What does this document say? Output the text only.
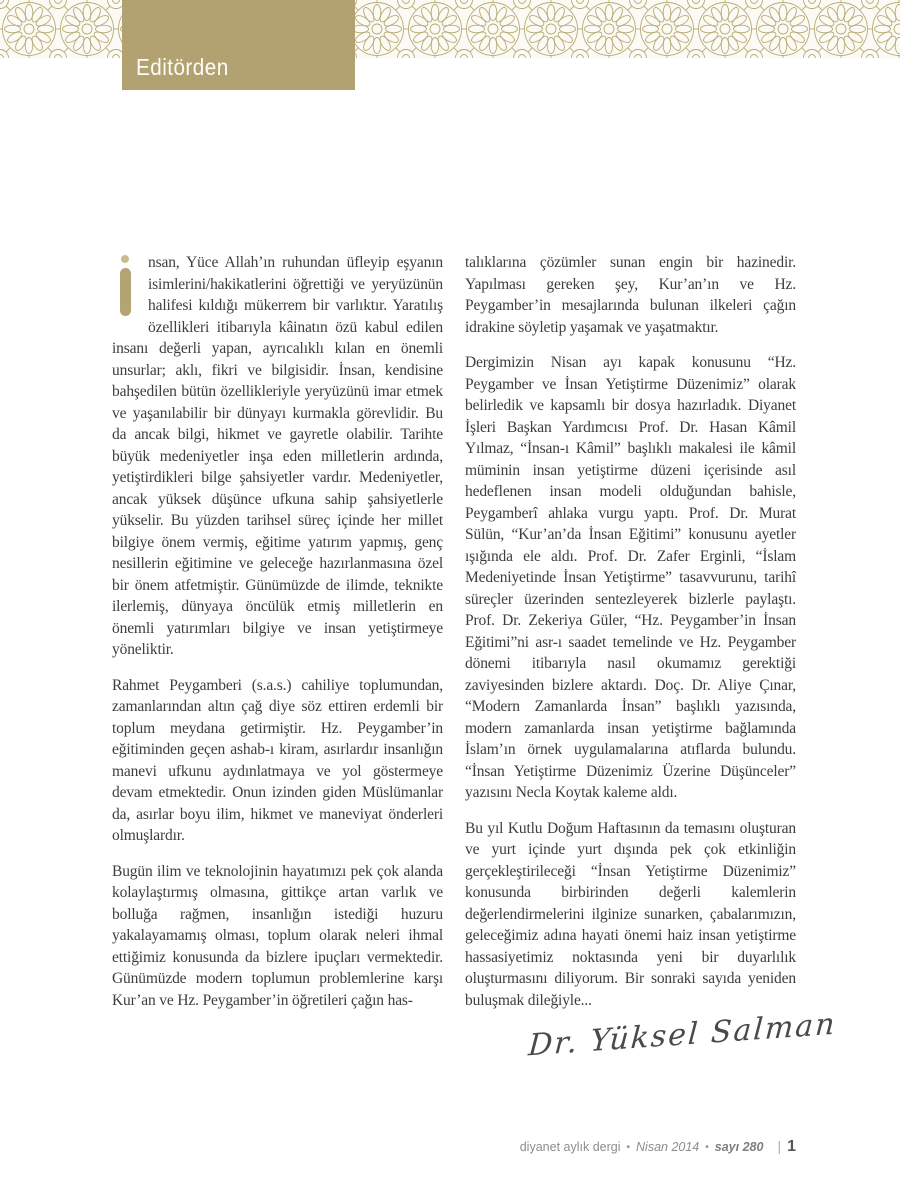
Editörden

nsan, Yüce Allah’ın ruhundan üfleyip eşyanın isimlerini/hakikatlerini öğrettiği ve yeryüzünün halifesi kıldığı mükerrem bir varlıktır. Yaratılış özellikleri itibarıyla kâinatın özü kabul edilen insanı değerli yapan, ayrıcalıklı kılan en önemli unsurlar; aklı, fikri ve bilgisidir. İnsan, kendisine bahşedilen bütün özellikleriyle yeryüzünü imar etmek ve yaşanılabilir bir dünyayı kurmakla görevlidir. Bu da ancak bilgi, hikmet ve gayretle olabilir. Tarihte büyük medeniyetler inşa eden milletlerin ardında, yetiştirdikleri bilge şahsiyetler vardır. Medeniyetler, ancak yüksek düşünce ufkuna sahip şahsiyetlerle yükselir. Bu yüzden tarihsel süreç içinde her millet bilgiye önem vermiş, eğitime yatırım yapmış, genç nesillerin eğitimine ve geleceğe hazırlanmasına özel bir önem atfetmiştir. Günümüzde de ilimde, teknikte ilerlemiş, dünyaya öncülük etmiş milletlerin en önemli yatırımları bilgiye ve insan yetiştirmeye yöneliktir.

Rahmet Peygamberi (s.a.s.) cahiliye toplumundan, zamanlarından altın çağ diye söz ettiren erdemli bir toplum meydana getirmiştir. Hz. Peygamber’in eğitiminden geçen ashab-ı kiram, asırlardır insanlığın manevi ufkunu aydınlatmaya ve yol göstermeye devam etmektedir. Onun izinden giden Müslümanlar da, asırlar boyu ilim, hikmet ve maneviyat önderleri olmuşlardır.

Bugün ilim ve teknolojinin hayatımızı pek çok alanda kolaylaştırmış olmasına, gittikçe artan varlık ve bolluğa rağmen, insanlığın istediği huzuru yakalayamamış olması, toplum olarak neleri ihmal ettiğimiz konusunda da bizlere ipuçları vermektedir. Günümüzde modern toplumun problemlerine karşı Kur’an ve Hz. Peygamber’in öğretileri çağın has-

talıklarına çözümler sunan engin bir hazinedir. Yapılması gereken şey, Kur’an’ın ve Hz. Peygamber’in mesajlarında bulunan ilkeleri çağın idrakine söyletip yaşamak ve yaşatmaktır.

Dergimizin Nisan ayı kapak konusunu “Hz. Peygamber ve İnsan Yetiştirme Düzenimiz” olarak belirledik ve kapsamlı bir dosya hazırladık. Diyanet İşleri Başkan Yardımcısı Prof. Dr. Hasan Kâmil Yılmaz, “İnsan-ı Kâmil” başlıklı makalesi ile kâmil müminin insan yetiştirme düzeni içerisinde asıl hedeflenen insan modeli olduğundan bahisle, Peygamberî ahlaka vurgu yaptı. Prof. Dr. Murat Sülün, “Kur’an’da İnsan Eğitimi” konusunu ayetler ışığında ele aldı. Prof. Dr. Zafer Erginli, “İslam Medeniyetinde İnsan Yetiştirme” tasavvurunu, tarihî süreçler üzerinden sentezleyerek bizlerle paylaştı. Prof. Dr. Zekeriya Güler, “Hz. Peygamber’in İnsan Eğitimi”ni asr-ı saadet temelinde ve Hz. Peygamber dönemi itibarıyla nasıl okumamız gerektiği zaviyesinden bizlere aktardı. Doç. Dr. Aliye Çınar, “Modern Zamanlarda İnsan” başlıklı yazısında, modern zamanlarda insan yetiştirme bağlamında İslam’ın örnek uygulamalarına atıflarda bulundu. “İnsan Yetiştirme Düzenimiz Üzerine Düşünceler” yazısını Necla Koytak kaleme aldı.

Bu yıl Kutlu Doğum Haftasının da temasını oluşturan ve yurt içinde yurt dışında pek çok etkinliğin gerçekleştirileceği “İnsan Yetiştirme Düzenimiz” konusunda birbirinden değerli kalemlerin değerlendirmelerini ilginize sunarken, çabalarımızın, geleceğimiz adına hayati önemi haiz insan yetiştirme hassasiyetimiz noktasında yeni bir duyarlılık oluşturmasını diliyorum. Bir sonraki sayıda yeniden buluşmak dileğiyle...

Dr. Yüksel Salman
diyanet aylık dergi • Nisan 2014 • sayı 280 | 1
